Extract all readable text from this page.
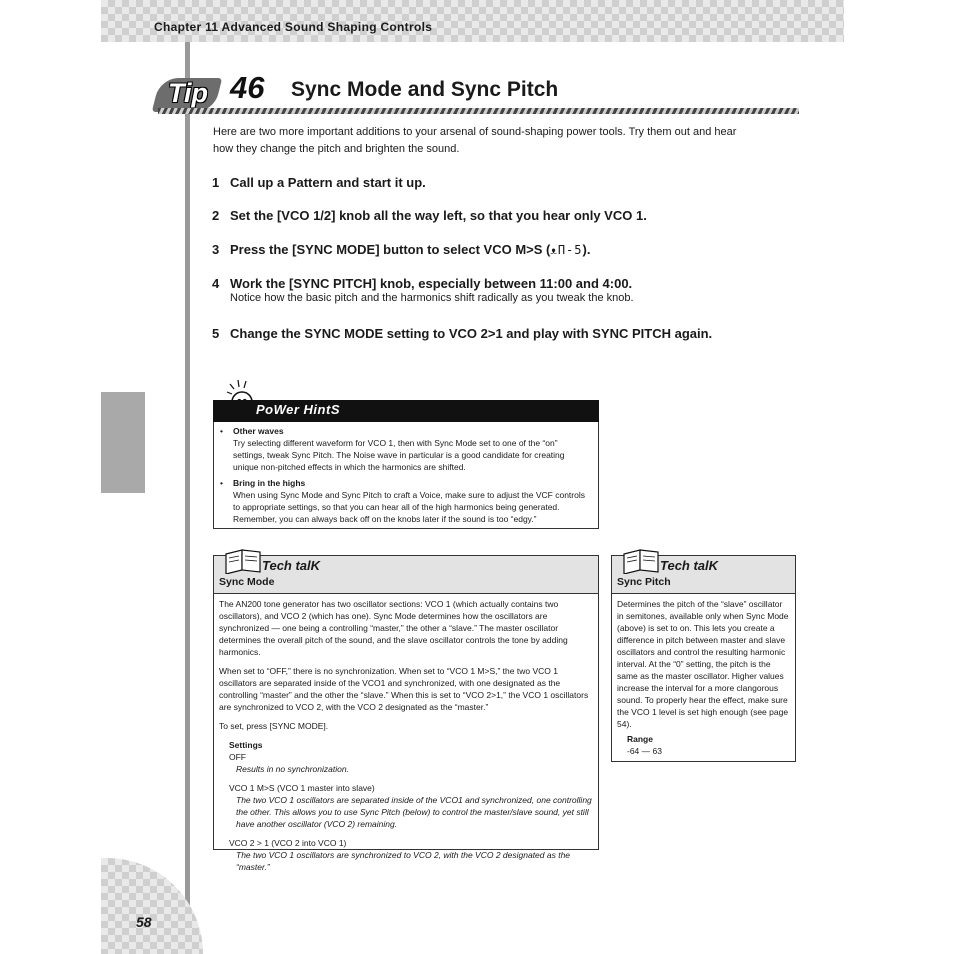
Chapter 11 Advanced Sound Shaping Controls
58
Tip 46 Sync Mode and Sync Pitch
Here are two more important additions to your arsenal of sound-shaping power tools. Try them out and hear how they change the pitch and brighten the sound.
1 Call up a Pattern and start it up.
2 Set the [VCO 1/2] knob all the way left, so that you hear only VCO 1.
3 Press the [SYNC MODE] button to select VCO M>S (ᴥП-5).
4 Work the [SYNC PITCH] knob, especially between 11:00 and 4:00.
Notice how the basic pitch and the harmonics shift radically as you tweak the knob.
5 Change the SYNC MODE setting to VCO 2>1 and play with SYNC PITCH again.
PoWer HintS
• Other waves
Try selecting different waveform for VCO 1, then with Sync Mode set to one of the “on” settings, tweak Sync Pitch. The Noise wave in particular is a good candidate for creating unique non-pitched effects in which the harmonics are shifted.
• Bring in the highs
When using Sync Mode and Sync Pitch to craft a Voice, make sure to adjust the VCF controls to appropriate settings, so that you can hear all of the high harmonics being generated. Remember, you can always back off on the knobs later if the sound is too “edgy.”
Tech talK
Sync Mode

The AN200 tone generator has two oscillator sections: VCO 1 (which actually contains two oscillators), and VCO 2 (which has one). Sync Mode determines how the oscillators are synchronized — one being a controlling “master,” the other a “slave.” The master oscillator determines the overall pitch of the sound, and the slave oscillator controls the tone by adding harmonics.

When set to “OFF,” there is no synchronization. When set to “VCO 1 M>S,” the two VCO 1 oscillators are separated inside of the VCO1 and synchronized, with one designated as the controlling “master” and the other the “slave.” When this is set to “VCO 2>1,” the VCO 1 oscillators are synchronized to VCO 2, with the VCO 2 designated as the “master.”

To set, press [SYNC MODE].

Settings
OFF

Results in no synchronization.

VCO 1 M>S (VCO 1 master into slave)

The two VCO 1 oscillators are separated inside of the VCO1 and synchronized, one controlling the other. This allows you to use Sync Pitch (below) to control the master/slave sound, yet still have another oscillator (VCO 2) remaining.

VCO 2 > 1 (VCO 2 into VCO 1)

The two VCO 1 oscillators are synchronized to VCO 2, with the VCO 2 designated as the “master.”

Tech talK
Sync Pitch

Determines the pitch of the “slave” oscillator in semitones, available only when Sync Mode (above) is set to on. This lets you create a difference in pitch between master and slave oscillators and control the resulting harmonic interval. At the “0” setting, the pitch is the same as the master oscillator. Higher values increase the interval for a more clangorous sound. To properly hear the effect, make sure the VCO 1 level is set high enough (see page 54).

Range
-64 — 63
